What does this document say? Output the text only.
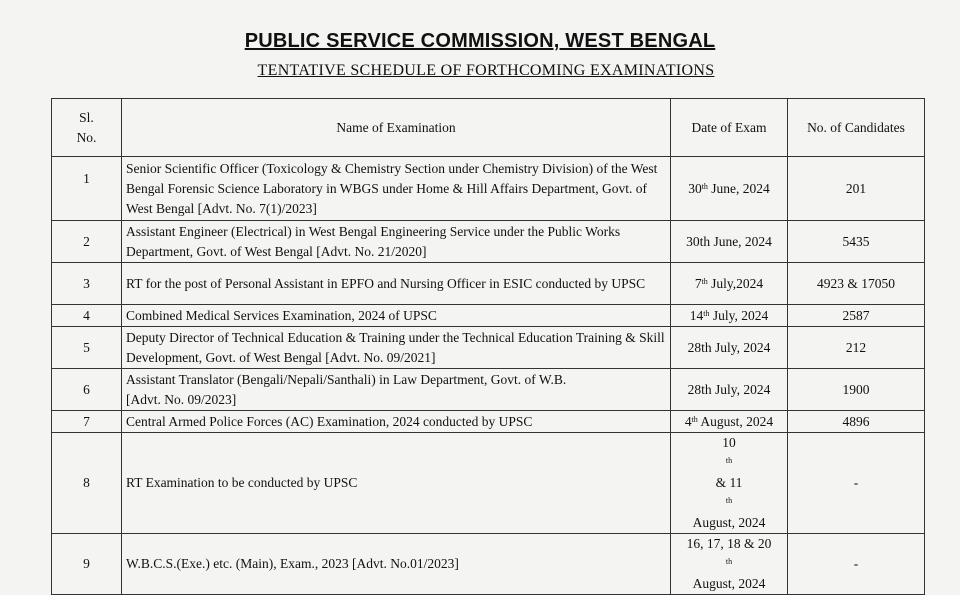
PUBLIC SERVICE COMMISSION, WEST BENGAL
TENTATIVE SCHEDULE OF FORTHCOMING EXAMINATIONS
Sl.
No.	Name of Examination	Date of Exam	No. of Candidates
1	Senior Scientific Officer (Toxicology & Chemistry Section under Chemistry Division) of the West Bengal Forensic Science Laboratory in WBGS under Home & Hill Affairs Department, Govt. of West Bengal [Advt. No. 7(1)/2023]	30th June, 2024	201
2	Assistant Engineer (Electrical) in West Bengal Engineering Service under the Public Works Department, Govt. of West Bengal [Advt. No. 21/2020]	30th June, 2024	5435
3	RT for the post of Personal Assistant in EPFO and Nursing Officer in ESIC conducted by UPSC	7th July,2024	4923 & 17050
4	Combined Medical Services Examination, 2024 of UPSC	14th July, 2024	2587
5	Deputy Director of Technical Education & Training under the Technical Education Training & Skill Development, Govt. of West Bengal [Advt. No. 09/2021]	28th July, 2024	212
6	Assistant Translator (Bengali/Nepali/Santhali) in Law Department, Govt. of W.B.
[Advt. No. 09/2023]	28th July, 2024	1900
7	Central Armed Police Forces (AC) Examination, 2024 conducted by UPSC	4th August, 2024	4896
8	RT Examination to be conducted by UPSC	10
$^{th}$
& 11
$^{th}$
August, 2024	-
9	W.B.C.S.(Exe.) etc. (Main), Exam., 2023 [Advt. No.01/2023]	16, 17, 18 & 20
$^{th}$
August, 2024	-
